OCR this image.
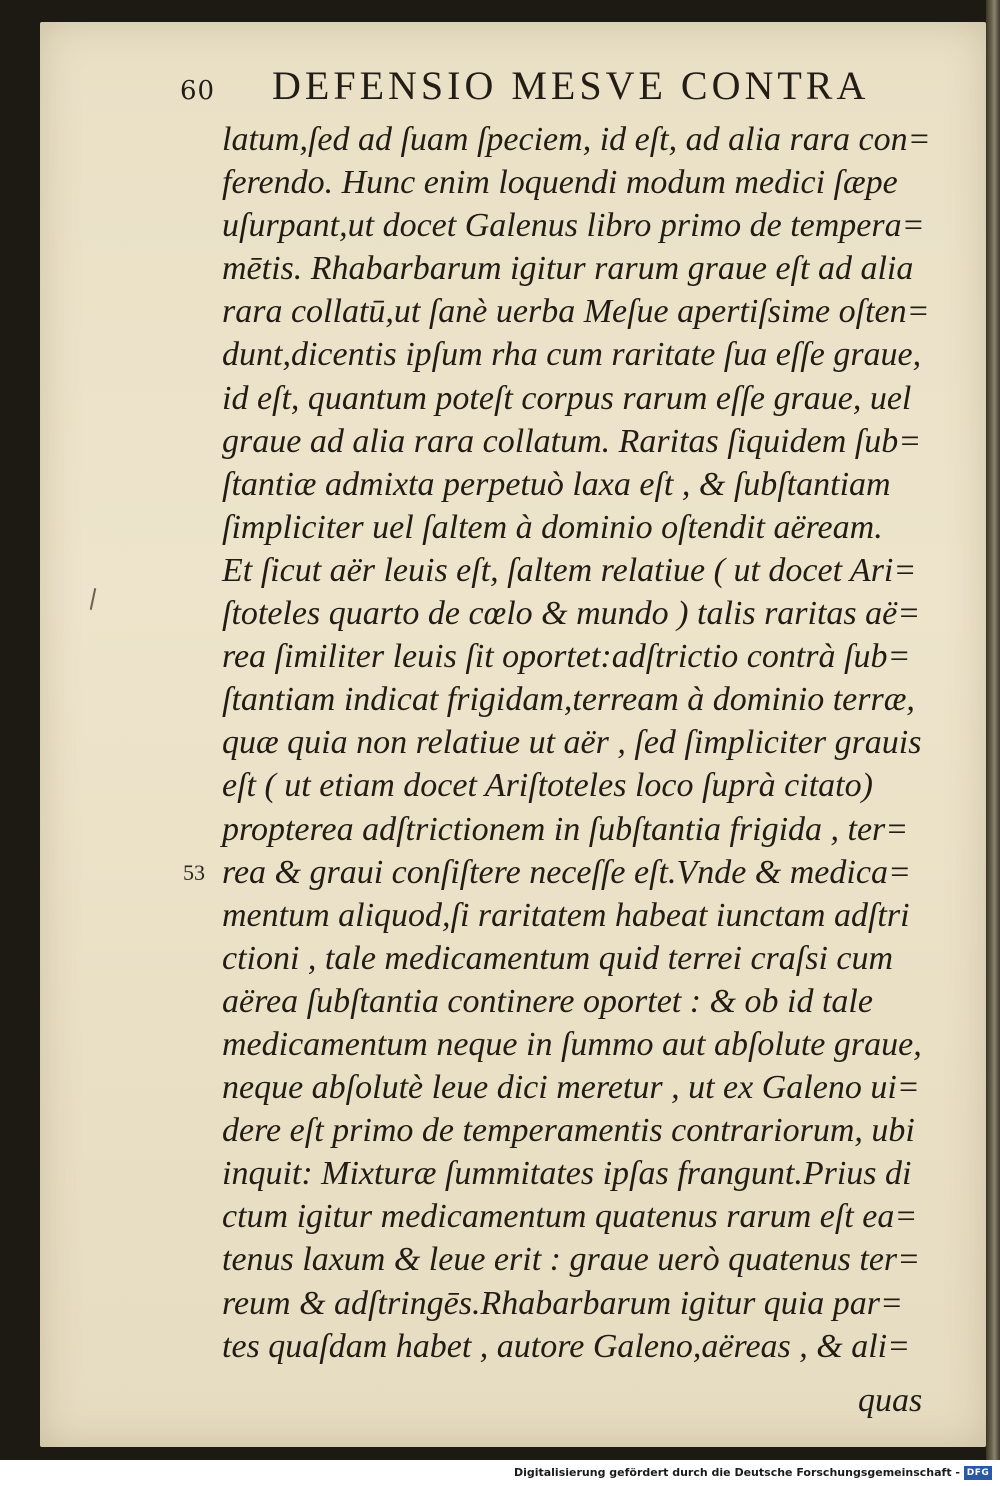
60 DEFENSIO MESVE CONTRA
latum,ſed ad ſuam ſpeciem, id eſt, ad alia rara con=
ferendo. Hunc enim loquendi modum medici ſæpe
uſurpant,ut docet Galenus libro primo de tempera=
mētis. Rhabarbarum igitur rarum graue eſt ad alia
rara collatū,ut ſanè uerba Meſue apertiſsime oſten=
dunt,dicentis ipſum rha cum raritate ſua eſſe graue,
id eſt, quantum poteſt corpus rarum eſſe graue, uel
graue ad alia rara collatum. Raritas ſiquidem ſub=
ſtantiæ admixta perpetuò laxa eſt , & ſubſtantiam
ſimpliciter uel ſaltem à dominio oſtendit aëream.
Et ſicut aër leuis eſt, ſaltem relatiue ( ut docet Ari=
ſtoteles quarto de cœlo & mundo ) talis raritas aë=
rea ſimiliter leuis ſit oportet:adſtrictio contrà ſub=
ſtantiam indicat frigidam,terream à dominio terræ,
quæ quia non relatiue ut aër , ſed ſimpliciter grauis
eſt ( ut etiam docet Ariſtoteles loco ſuprà citato)
propterea adſtrictionem in ſubſtantia frigida , ter=
rea & graui conſiſtere neceſſe eſt.Vnde & medica=
mentum aliquod,ſi raritatem habeat iunctam adſtri
ctioni , tale medicamentum quid terrei craſsi cum
aërea ſubſtantia continere oportet : & ob id tale
medicamentum neque in ſummo aut abſolute graue,
neque abſolutè leue dici meretur , ut ex Galeno ui=
dere eſt primo de temperamentis contrariorum, ubi
inquit: Mixturæ ſummitates ipſas frangunt.Prius di
ctum igitur medicamentum quatenus rarum eſt ea=
tenus laxum & leue erit : graue uerò quatenus ter=
reum & adſtringēs.Rhabarbarum igitur quia par=
tes quaſdam habet , autore Galeno,aëreas , & ali=
53
quas
Digitalisierung gefördert durch die Deutsche Forschungsgemeinschaft - DFG
